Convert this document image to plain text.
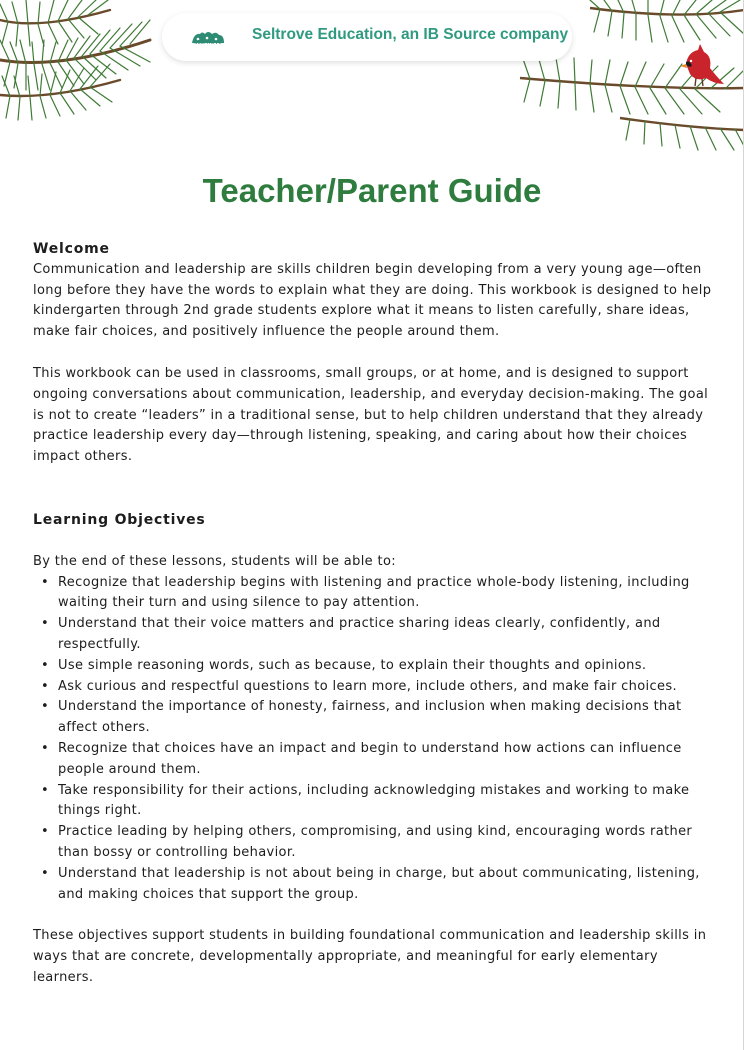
SELTROVE Seltrove Education, an IB Source company
Teacher/Parent Guide

Welcome

Communication and leadership are skills children begin developing from a very young age—often long before they have the words to explain what they are doing. This workbook is designed to help kindergarten through 2nd grade students explore what it means to listen carefully, share ideas, make fair choices, and positively influence the people around them.

This workbook can be used in classrooms, small groups, or at home, and is designed to support ongoing conversations about communication, leadership, and everyday decision-making. The goal is not to create “leaders” in a traditional sense, but to help children understand that they already practice leadership every day—through listening, speaking, and caring about how their choices impact others.

Learning Objectives

By the end of these lessons, students will be able to:

• Recognize that leadership begins with listening and practice whole-body listening, including waiting their turn and using silence to pay attention.
• Understand that their voice matters and practice sharing ideas clearly, confidently, and respectfully.
• Use simple reasoning words, such as because, to explain their thoughts and opinions.
• Ask curious and respectful questions to learn more, include others, and make fair choices.
• Understand the importance of honesty, fairness, and inclusion when making decisions that affect others.
• Recognize that choices have an impact and begin to understand how actions can influence people around them.
• Take responsibility for their actions, including acknowledging mistakes and working to make things right.
• Practice leading by helping others, compromising, and using kind, encouraging words rather than bossy or controlling behavior.
• Understand that leadership is not about being in charge, but about communicating, listening, and making choices that support the group.

These objectives support students in building foundational communication and leadership skills in ways that are concrete, developmentally appropriate, and meaningful for early elementary learners.
